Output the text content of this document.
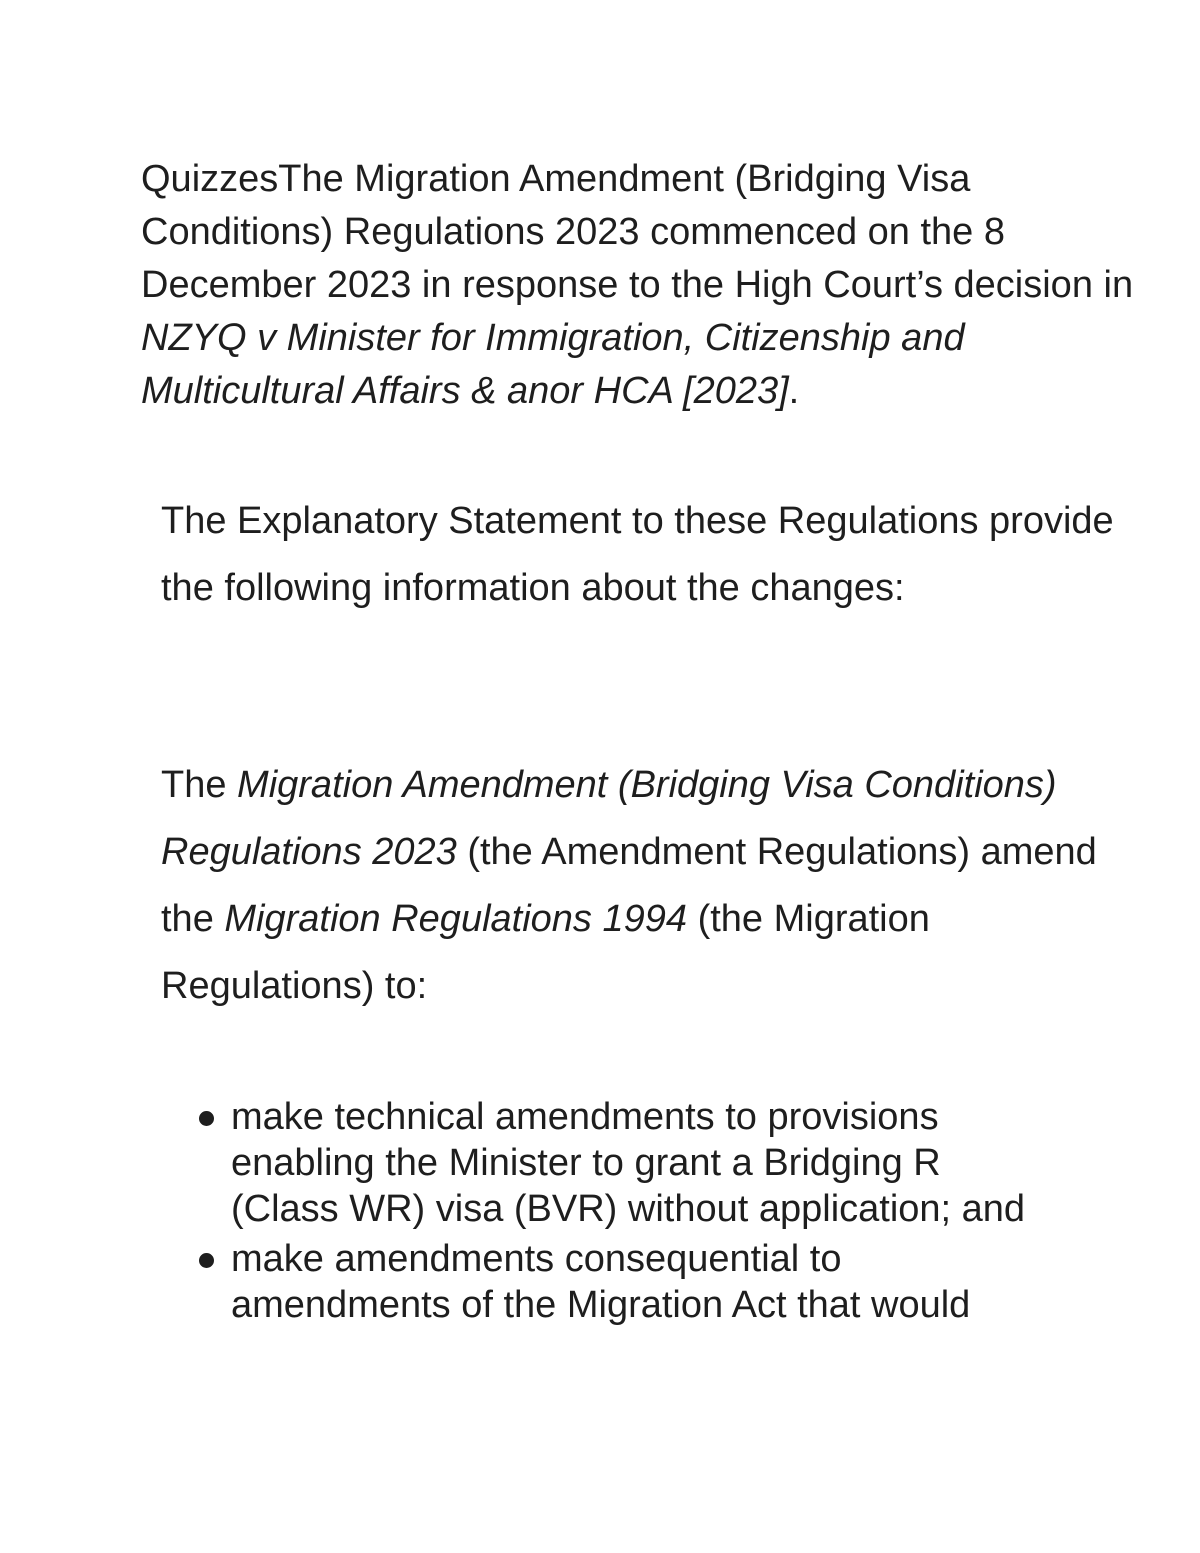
QuizzesThe Migration Amendment (Bridging Visa Conditions) Regulations 2023 commenced on the 8 December 2023 in response to the High Court’s decision in NZYQ v Minister for Immigration, Citizenship and Multicultural Affairs & anor HCA [2023].

The Explanatory Statement to these Regulations provide the following information about the changes:

The Migration Amendment (Bridging Visa Conditions) Regulations 2023 (the Amendment Regulations) amend the Migration Regulations 1994 (the Migration Regulations) to:

make technical amendments to provisions enabling the Minister to grant a Bridging R (Class WR) visa (BVR) without application; and
make amendments consequential to amendments of the Migration Act that would
